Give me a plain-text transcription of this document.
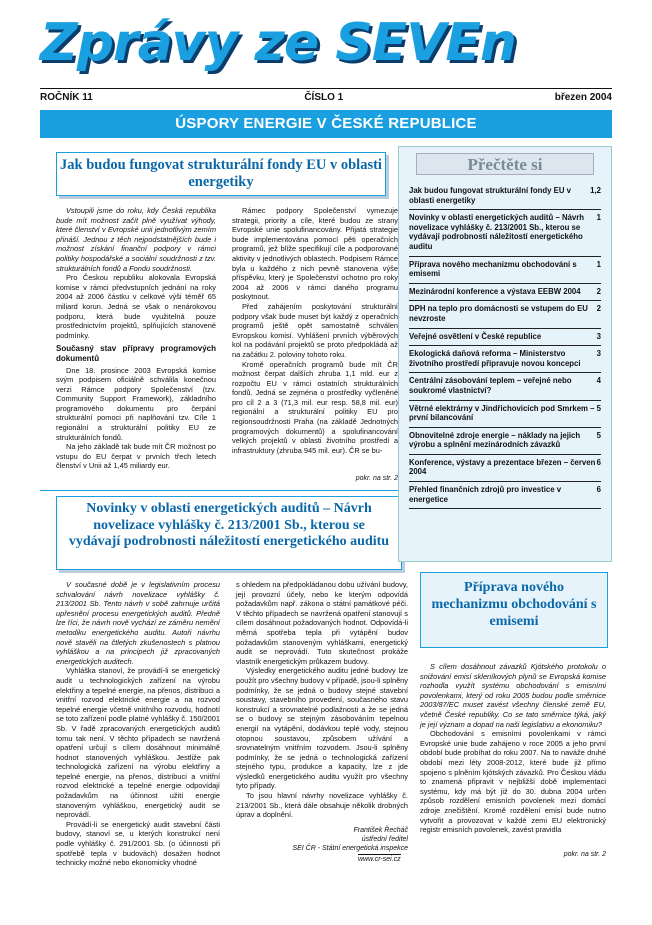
Zprávy ze SEVEn
ROČNÍK 11	ČÍSLO 1	březen 2004
ÚSPORY ENERGIE V ČESKÉ REPUBLICE
Jak budou fungovat strukturální fondy EU v oblasti energetiky

Vstoupili jsme do roku, kdy Česká republika bude mít možnost začít plně využívat výhody, které členství v Evropské unii jednotlivým zemím přináší. Jednou z těch nejpodstatnějších bude i možnost získání finanční podpory v rámci politiky hospodářské a sociální soudržnosti z tzv. strukturálních fondů a Fondu soudržnosti.

Pro Českou republiku alokovala Evropská komise v rámci předvstupních jednání na roky 2004 až 2006 částku v celkové výši téměř 65 miliard korun. Jedná se však o nenárokovou podporu, která bude využitelná pouze prostřednictvím projektů, splňujících stanovené podmínky.

Současný stav přípravy programových dokumentů

Dne 18. prosince 2003 Evropská komise svým podpisem oficiálně schválila konečnou verzi Rámce podpory Společenství (tzv. Community Support Framework), základního programového dokumentu pro čerpání strukturální pomoci při naplňování tzv. Cíle 1 regionální a strukturální politiky EU ze strukturálních fondů.

Na jeho základě tak bude mít ČR možnost po vstupu do EU čerpat v prvních třech letech členství v Unii až 1,45 miliardy eur.

Rámec podpory Společenství vymezuje strategii, priority a cíle, které budou ze strany Evropské unie spolufinancovány. Přijatá strategie bude implementována pomocí pěti operačních programů, jež blíže specifikují cíle a podporované aktivity v jednotlivých oblastech. Podpisem Rámce byla u každého z nich pevně stanovena výše příspěvku, který je Společenství ochotno pro roky 2004 až 2006 v rámci daného programu poskytnout.

Před zahájením poskytování strukturální podpory však bude muset být každý z operačních programů ještě opět samostatně schválen Evropskou komisí. Vyhlášení prvních výběrových kol na podávání projektů se proto předpokládá až na začátku 2. poloviny tohoto roku.

Kromě operačních programů bude mít ČR možnost čerpat dalších zhruba 1,1 mld. eur z rozpočtu EU v rámci ostatních strukturálních fondů. Jedná se zejména o prostředky vyčleněné pro cíl 2 a 3 (71,3 mil. eur resp. 58,8 mil. eur) regionální a strukturální politiky EU pro regionsoudržnosti Praha (na základě Jednotných programových dokumentů) a spolufinancování velkých projektů v oblasti životního prostředí a infrastruktury (zhruba 945 mil. eur). ČR se bu-

pokr. na str. 2
Novinky v oblasti energetických auditů – Návrh novelizace vyhlášky č. 213/2001 Sb., kterou se vydávají podrobnosti náležitostí energetického auditu

V současné době je v legislativním procesu schvalování návrh novelizace vyhlášky č. 213/2001 Sb. Tento návrh v sobě zahrnuje určitá upřesnění procesu energetických auditů. Předně lze říci, že návrh nově vychází ze záměru nemění metodiku energetického auditu. Autoři návrhu nově stavěli na čtletých zkušenostech s platnou vyhláškou a na principech již zpracovaných energetických auditech.

Vyhláška stanoví, že provádí-li se energetický audit u technologických zařízení na výrobu elektřiny a tepelné energie, na přenos, distribuci a vnitřní rozvod elektrické energie a na rozvod tepelné energie včetně vnitřního rozvodu, hodnotí se toto zařízení podle platné vyhlášky č. 150/2001 Sb. V řadě zpracovaných energetických auditů tomu tak není. V těchto případech se navržená opatření určují s cílem dosáhnout minimálně hodnot stanovených vyhláškou. Jestliže pak technologická zařízení na výrobu elektřiny a tepelné energie, na přenos, distribuci a vnitřní rozvod elektrické a tepelné energie odpovídají požadavkům na účinnost užití energie stanoveným vyhláškou, energetický audit se neprovádí.

Provádí-li se energetický audit stavební části budovy, stanoví se, u kterých konstrukcí není podle vyhlášky č. 291/2001 Sb. (o účinnosti při spotřebě tepla v budovách) dosažen hodnot technicky možné nebo ekonomicky vhodné

s ohledem na předpokládanou dobu užívání budovy, její provozní účely, nebo ke kterým odpovídá požadavkům např. zákona o státní památkové péči. V těchto případech se navržená opatření stanovují s cílem dosáhnout požadovaných hodnot. Odpovídá-li měrná spotřeba tepla při vytápění budov požadavkům stanoveným vyhláškami, energetický audit se neprovádí. Tuto skutečnost prokáže vlastník energetickým průkazem budovy.

Výsledky energetického auditu jedné budovy lze použít pro všechny budovy v případě, jsou-li splněny podmínky, že se jedná o budovy stejné stavební soustavy, stavebního provedení, současného stavu konstrukcí a srovnatelné podlažnosti a že se jedná se o budovy se stejným zásobováním tepelnou energií na vytápění, dodávkou teplé vody, stejnou otopnou soustavou, způsobem užívání a srovnatelným vnitřním rozvodem. Jsou-li splněny podmínky, že se jedná o technologická zařízení stejného typu, produkce a kapacity, lze z jde výsledků energetického auditu využít pro všechny tyto případy.

To jsou hlavní návrhy novelizace vyhlášky č. 213/2001 Sb., která dále obsahuje několik drobných úprav a doplnění.

František Řecháč
ústřední ředitel
SEI ČR - Státní energetická inspekce
www.cr-sei.cz
Přečtěte si
1,2
Jak budou fungovat strukturální fondy EU v oblasti energetiky
1
Novinky v oblasti energetických auditů – Návrh novelizace vyhlášky č. 213/2001 Sb., kterou se vydávají podrobnosti náležitostí energetického auditu
1
Příprava nového mechanizmu obchodování s emisemi
2
Mezinárodní konference a výstava EEBW 2004
2
DPH na teplo pro domácnosti se vstupem do EU nevzroste
3
Veřejné osvětlení v České republice
3
Ekologická daňová reforma – Ministerstvo životního prostředí připravuje novou koncepci
4
Centrální zásobování teplem – veřejné nebo soukromé vlastnictví?
5
Větrné elektrárny v Jindřichovicích pod Smrkem – první bilancování
5
Obnovitelné zdroje energie – náklady na jejich výrobu a splnění mezinárodních závazků
6
Konference, výstavy a prezentace březen – červen 2004
6
Přehled finančních zdrojů pro investice v energetice
Příprava nového mechanizmu obchodování s emisemi

S cílem dosáhnout závazků Kjótského protokolu o snižování emisí skleníkových plynů se Evropská komise rozhodla využít systému obchodování s emisními povolenkami, který od roku 2005 budou podle směrnice 2003/87/EC muset zavést všechny členské země EU, včetně České republiky. Co se tato směrnice týká, jaký je její význam a dopad na naši legislativu a ekonomiku?

Obchodování s emisními povolenkami v rámci Evropské unie bude zahájeno v roce 2005 a jeho první období bude probíhat do roku 2007. Na to naváže druhé období mezi léty 2008-2012, které bude již přímo spojeno s plněním kjótských závazků. Pro Českou vládu to znamená připravit v nejbližší době implementaci systému, kdy má být již do 30. dubna 2004 určen způsob rozdělení emisních povolenek mezi domácí zdroje znečištění. Kromě rozdělení emisí bude nutno vytvořit a provozovat v každé zemi EU elektronický registr emisních povolenek, zavést pravidla

pokr. na str. 2
